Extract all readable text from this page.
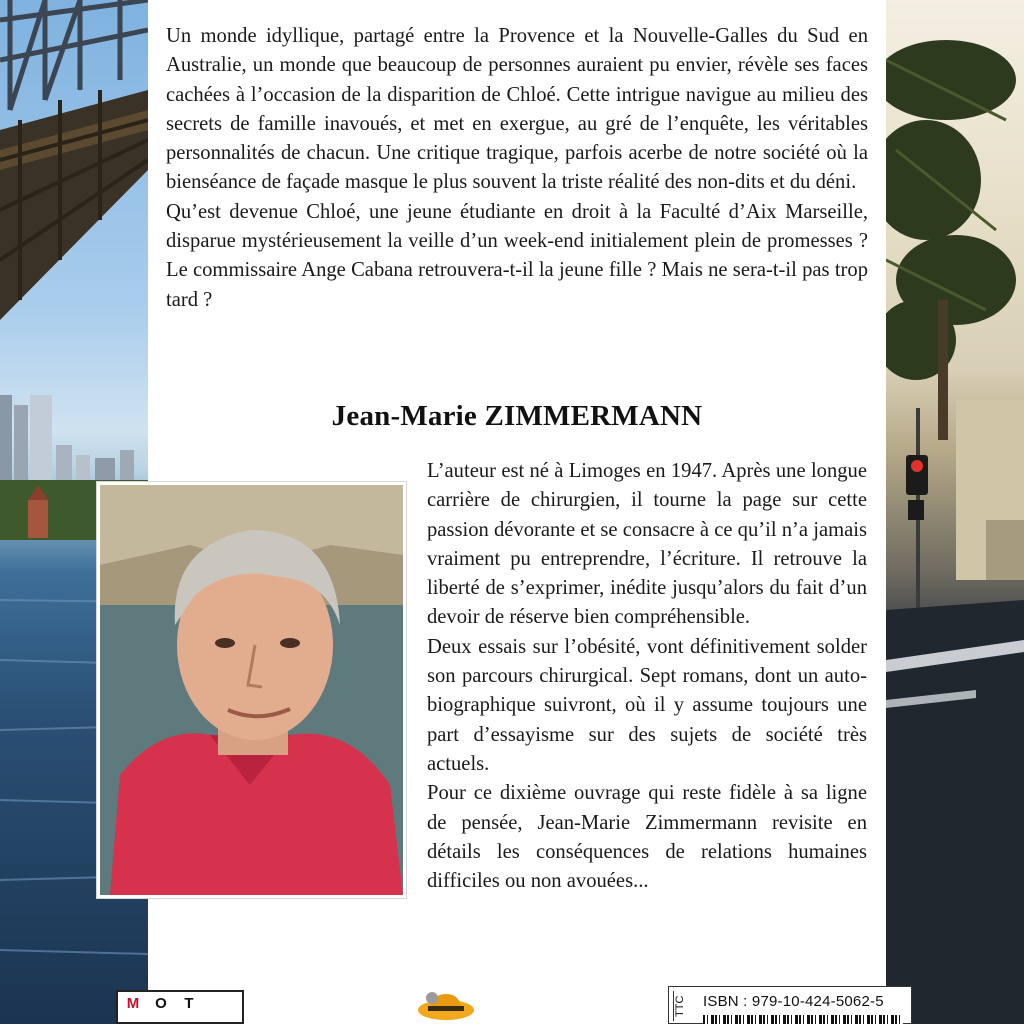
Un monde idyllique, partagé entre la Provence et la Nouvelle-Galles du Sud en Australie, un monde que beaucoup de personnes auraient pu envier, révèle ses faces cachées à l’occasion de la disparition de Chloé. Cette intrigue navigue au milieu des secrets de famille inavoués, et met en exergue, au gré de l’enquête, les véritables personnalités de chacun. Une critique tragique, parfois acerbe de notre société où la bienséance de façade masque le plus souvent la triste réalité des non-dits et du déni.

Qu’est devenue Chloé, une jeune étudiante en droit à la Faculté d’Aix Marseille, disparue mystérieusement la veille d’un week-end initialement plein de promesses ? Le commissaire Ange Cabana retrouvera-t-il la jeune fille ? Mais ne sera-t-il pas trop tard ?

Jean-Marie ZIMMERMANN

L’auteur est né à Limoges en 1947. Après une longue carrière de chirurgien, il tourne la page sur cette passion dévorante et se consacre à ce qu’il n’a jamais vraiment pu entreprendre, l’écriture. Il retrouve la liberté de s’exprimer, inédite jusqu’alors du fait d’un devoir de réserve bien compréhensible.

Deux essais sur l’obésité, vont définitivement solder son parcours chirurgical. Sept romans, dont un auto-biographique suivront, où il y assume toujours une part d’essayisme sur des sujets de société très actuels.

Pour ce dixième ouvrage qui reste fidèle à sa ligne de pensée, Jean-Marie Zimmermann revisite en détails les conséquences de relations humaines difficiles ou non avouées...

M O T	TTC	ISBN : 979-10-424-5062-5
